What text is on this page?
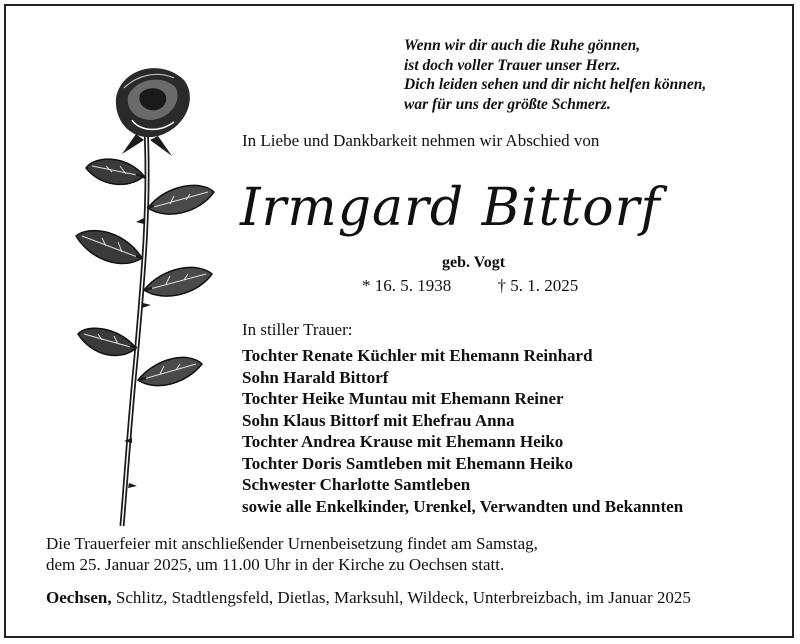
Wenn wir dir auch die Ruhe gönnen,
ist doch voller Trauer unser Herz.
Dich leiden sehen und dir nicht helfen können,
war für uns der größte Schmerz.
In Liebe und Dankbarkeit nehmen wir Abschied von
Irmgard Bittorf
geb. Vogt
* 16. 5. 1938	† 5. 1. 2025
In stiller Trauer:
Tochter Renate Küchler mit Ehemann Reinhard
Sohn Harald Bittorf
Tochter Heike Muntau mit Ehemann Reiner
Sohn Klaus Bittorf mit Ehefrau Anna
Tochter Andrea Krause mit Ehemann Heiko
Tochter Doris Samtleben mit Ehemann Heiko
Schwester Charlotte Samtleben
sowie alle Enkelkinder, Urenkel, Verwandten und Bekannten
Die Trauerfeier mit anschließender Urnenbeisetzung findet am Samstag,
dem 25. Januar 2025, um 11.00 Uhr in der Kirche zu Oechsen statt.
Oechsen, Schlitz, Stadtlengsfeld, Dietlas, Marksuhl, Wildeck, Unterbreizbach, im Januar 2025
